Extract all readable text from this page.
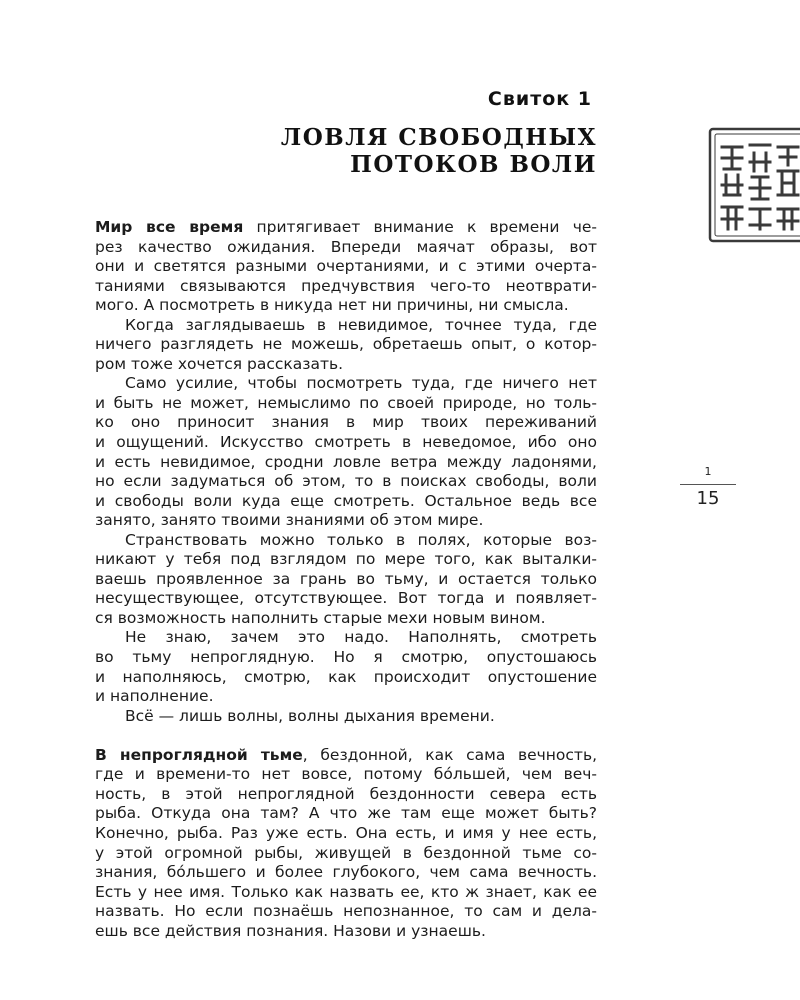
Свиток 1
ЛОВЛЯ СВОБОДНЫХ
ПОТОКОВ ВОЛИ
Мир все время притягивает внимание к времени че-
рез качество ожидания. Впереди маячат образы, вот
они и светятся разными очертаниями, и с этими очерта-
таниями связываются предчувствия чего-то неотврати-
мого. А посмотреть в никуда нет ни причины, ни смысла.
Когда заглядываешь в невидимое, точнее туда, где
ничего разглядеть не можешь, обретаешь опыт, о котор-
ром тоже хочется рассказать.
Само усилие, чтобы посмотреть туда, где ничего нет
и быть не может, немыслимо по своей природе, но толь-
ко оно приносит знания в мир твоих переживаний
и ощущений. Искусство смотреть в неведомое, ибо оно
и есть невидимое, сродни ловле ветра между ладонями,
но если задуматься об этом, то в поисках свободы, воли
и свободы воли куда еще смотреть. Остальное ведь все
занято, занято твоими знаниями об этом мире.
Странствовать можно только в полях, которые воз-
никают у тебя под взглядом по мере того, как выталки-
ваешь проявленное за грань во тьму, и остается только
несуществующее, отсутствующее. Вот тогда и появляет-
ся возможность наполнить старые мехи новым вином.
Не знаю, зачем это надо. Наполнять, смотреть
во тьму непроглядную. Но я смотрю, опустошаюсь
и наполняюсь, смотрю, как происходит опустошение
и наполнение.
Всё — лишь волны, волны дыхания времени.
В непроглядной тьме, бездонной, как сама вечность,
где и времени-то нет вовсе, потому бóльшей, чем веч-
ность, в этой непроглядной бездонности севера есть
рыба. Откуда она там? А что же там еще может быть?
Конечно, рыба. Раз уже есть. Она есть, и имя у нее есть,
у этой огромной рыбы, живущей в бездонной тьме со-
знания, бóльшего и более глубокого, чем сама вечность.
Есть у нее имя. Только как назвать ее, кто ж знает, как ее
назвать. Но если познаёшь непознанное, то сам и дела-
ешь все действия познания. Назови и узнаешь.
1
15
